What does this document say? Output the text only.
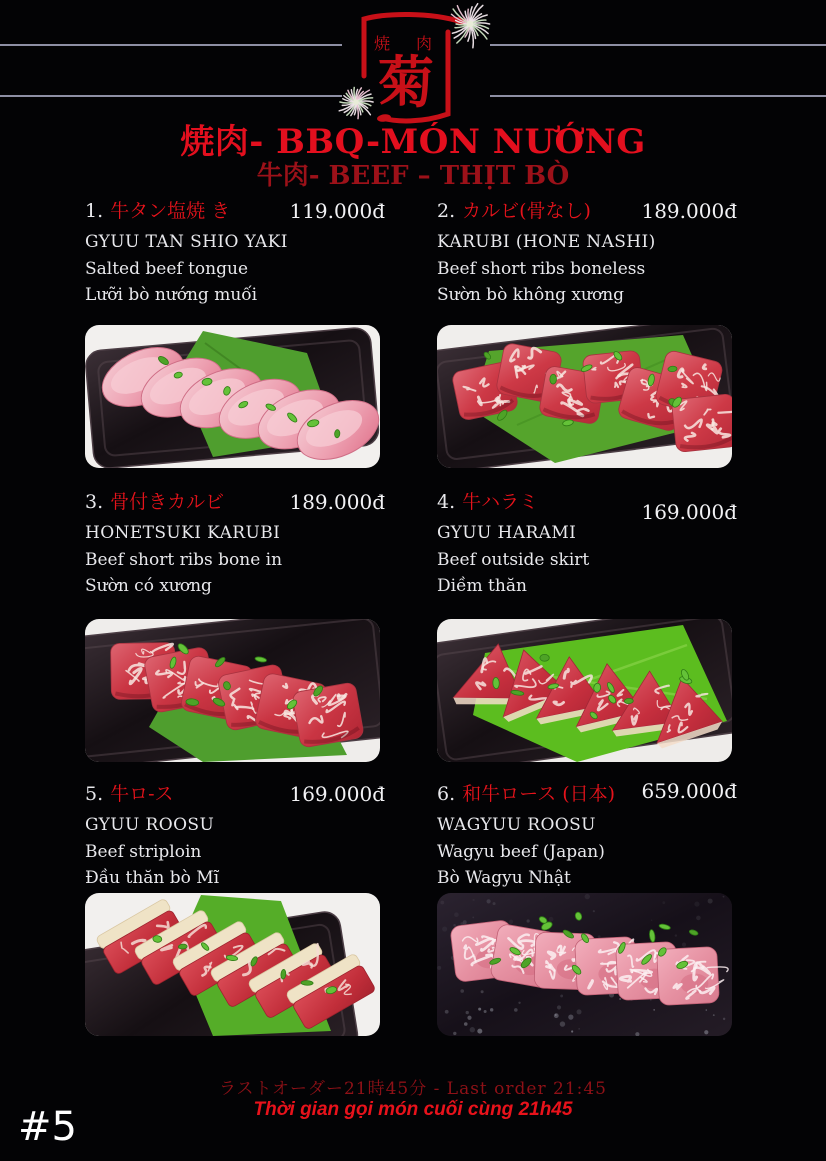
焼 肉
菊
焼肉- BBQ-MÓN NƯỚNG
牛肉- BEEF – THỊT BÒ
1. 牛タン塩焼 き	119.000đ
GYUU TAN SHIO YAKI
Salted beef tongue
Lưỡi bò nướng muối
2. カルビ(骨なし)	189.000đ
KARUBI (HONE NASHI)
Beef short ribs boneless
Sườn bò không xương
3. 骨付きカルビ	189.000đ
HONETSUKI KARUBI
Beef short ribs bone in
Sườn có xương
4. 牛ハラミ	169.000đ
GYUU HARAMI
Beef outside skirt
Diềm thăn
5. 牛ロ-ス	169.000đ
GYUU ROOSU
Beef striploin
Đầu thăn bò Mĩ
6. 和牛ロース (日本) 659.000đ
WAGYUU ROOSU
Wagyu beef (Japan)
Bò Wagyu Nhật
ラストオーダー21時45分 - Last order 21:45
Thời gian gọi món cuối cùng 21h45
#5
